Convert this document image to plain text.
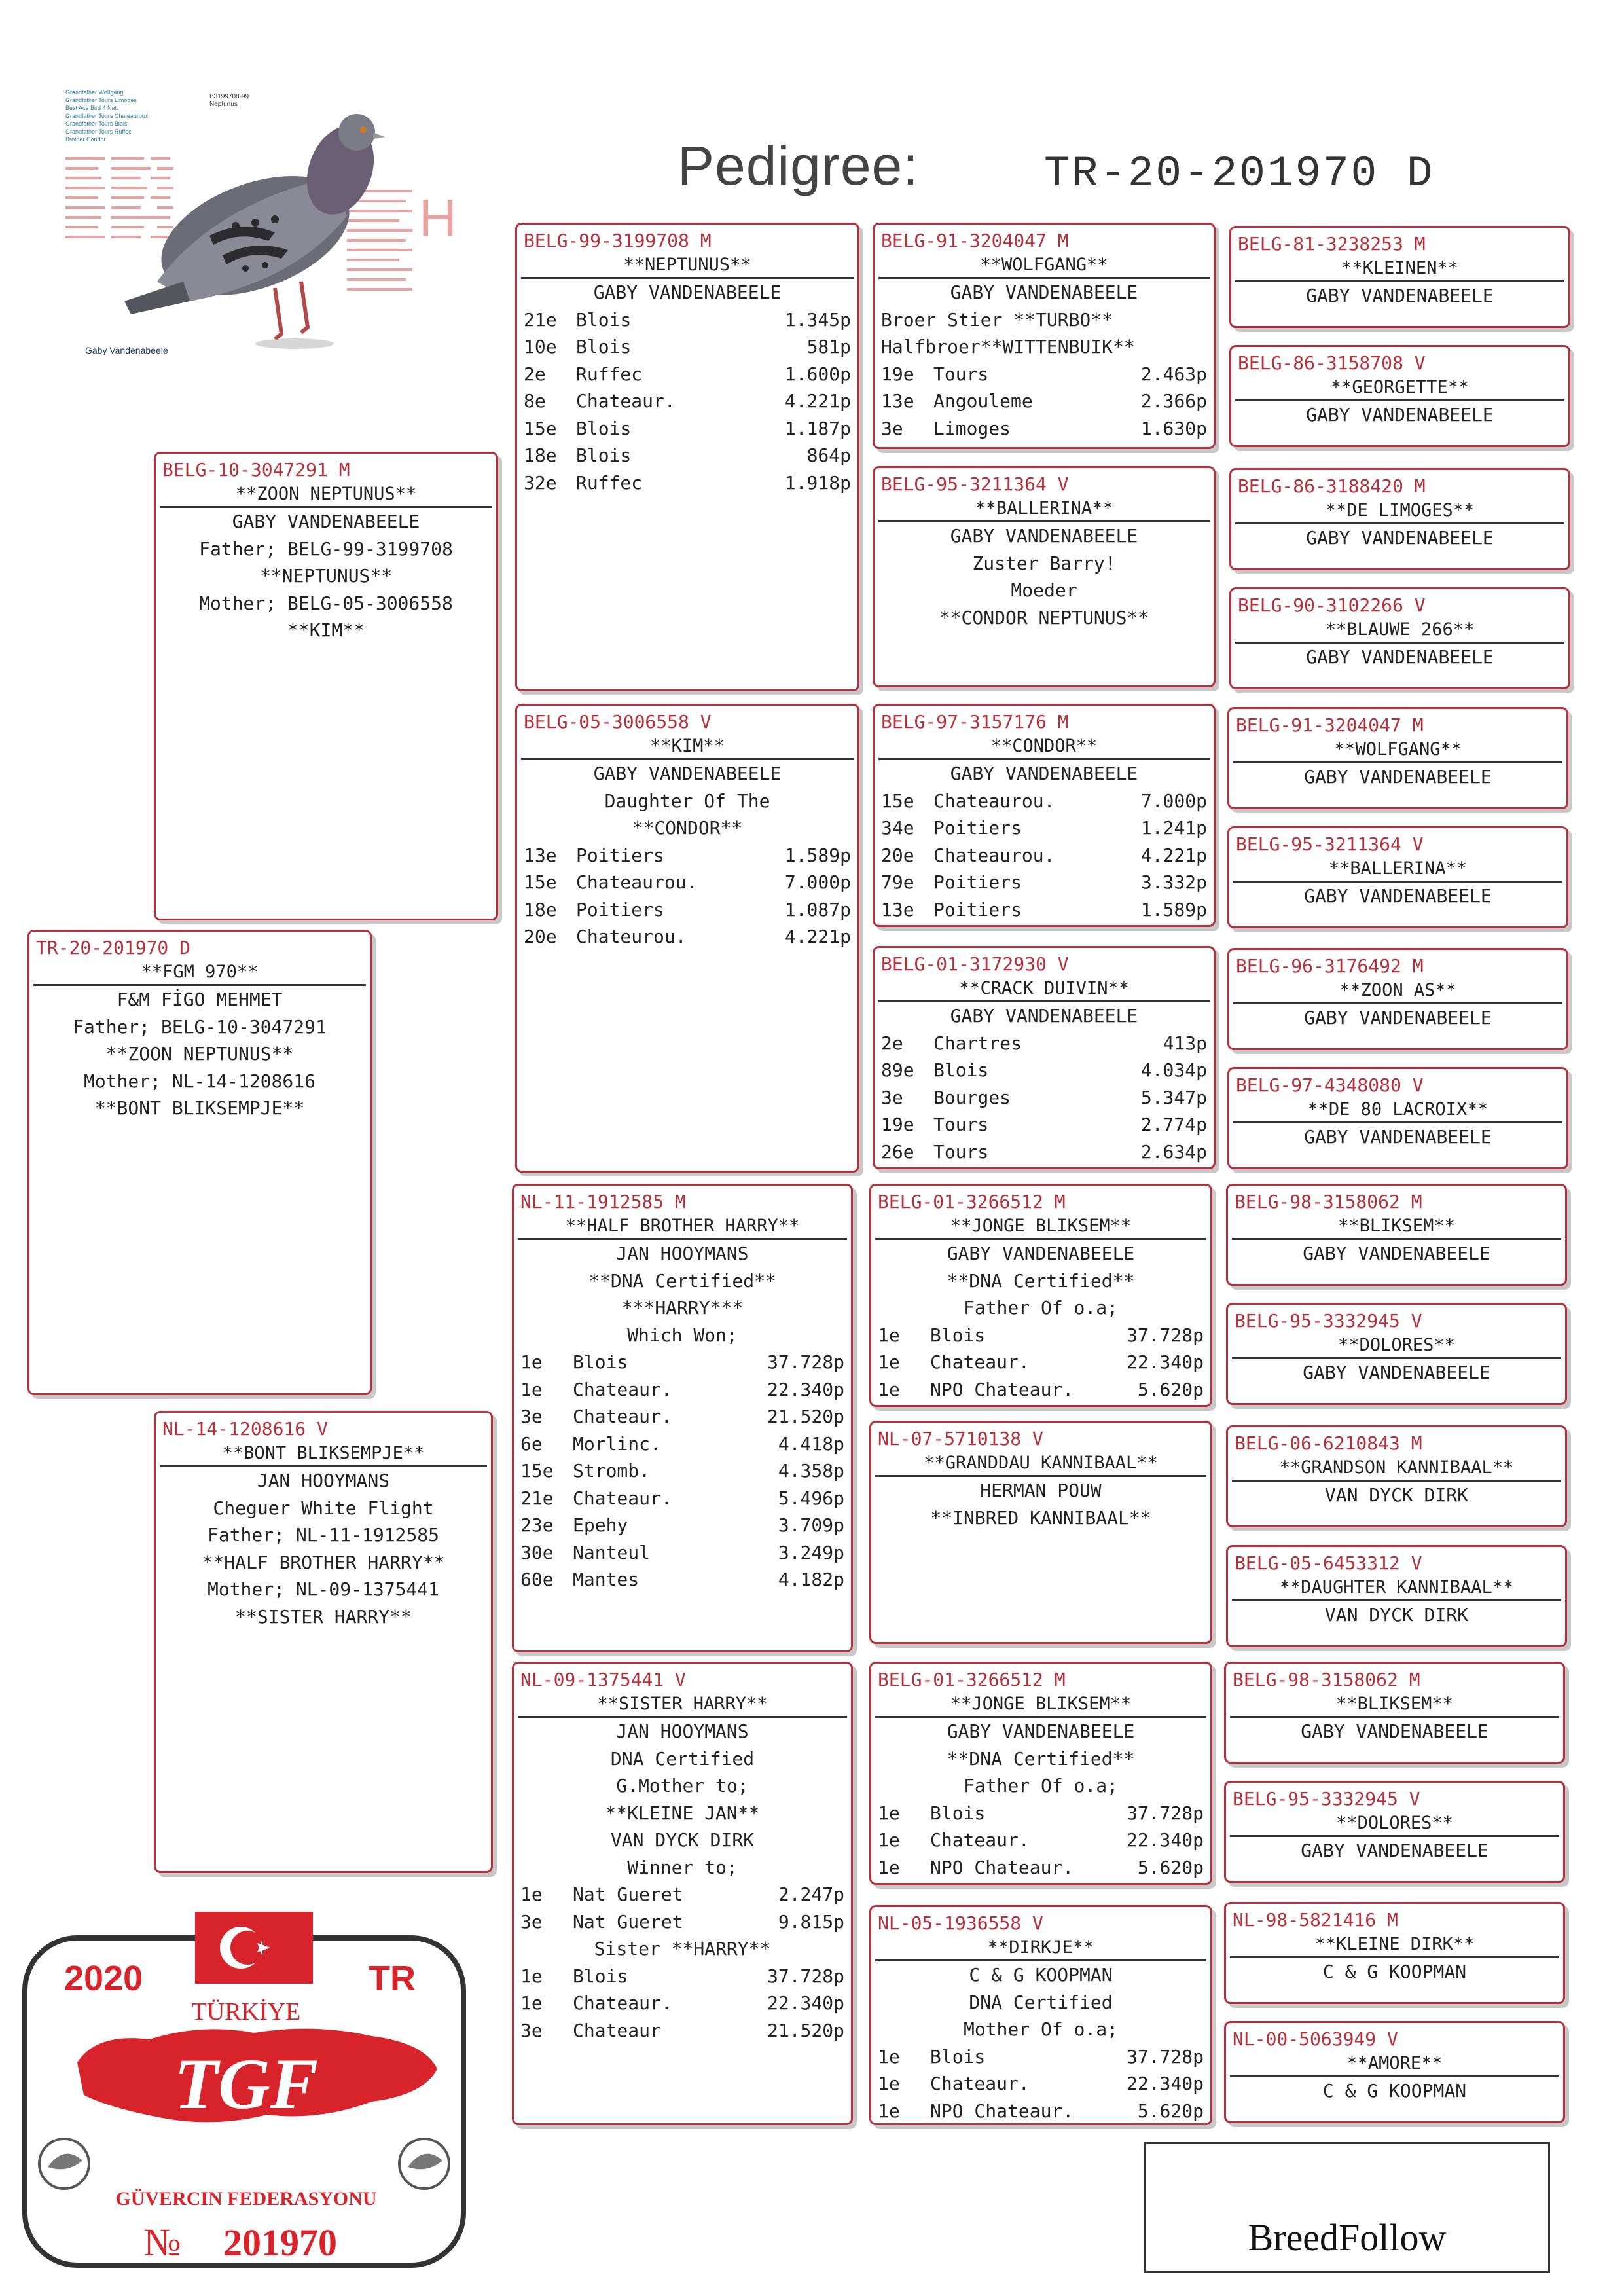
Pedigree:	TR-20-201970 D
Grandfather Wolfgang
Grandfather Tours Limoges
Best Ace Bird 4 Nat.
Grandfather Tours Chateauroux
Grandfather Tours Blois
Grandfather Tours Ruffec
Brother Condor
B3199708-99
Neptunus
H
Gaby Vandenabeele
TR-20-201970 D
**FGM 970**
F&M FİGO MEHMET
Father; BELG-10-3047291
**ZOON NEPTUNUS**
Mother; NL-14-1208616
**BONT BLIKSEMPJE**
BELG-10-3047291 M
**ZOON NEPTUNUS**
GABY VANDENABEELE
Father; BELG-99-3199708
**NEPTUNUS**
Mother; BELG-05-3006558
**KIM**
NL-14-1208616 V
**BONT BLIKSEMPJE**
JAN HOOYMANS
Cheguer White Flight
Father; NL-11-1912585
**HALF BROTHER HARRY**
Mother; NL-09-1375441
**SISTER HARRY**
BELG-99-3199708 M
**NEPTUNUS**
GABY VANDENABEELE
21e	Blois	1.345p
10e	Blois	581p
2e	Ruffec	1.600p
8e	Chateaur.	4.221p
15e	Blois	1.187p
18e	Blois	864p
32e	Ruffec	1.918p
BELG-05-3006558 V
**KIM**
GABY VANDENABEELE
Daughter Of The
**CONDOR**
13e	Poitiers	1.589p
15e	Chateaurou.	7.000p
18e	Poitiers	1.087p
20e	Chateurou.	4.221p
NL-11-1912585 M
**HALF BROTHER HARRY**
JAN HOOYMANS
**DNA Certified**
***HARRY***
Which Won;
1e	Blois	37.728p
1e	Chateaur.	22.340p
3e	Chateaur.	21.520p
6e	Morlinc.	4.418p
15e	Stromb.	4.358p
21e	Chateaur.	5.496p
23e	Epehy	3.709p
30e	Nanteul	3.249p
60e	Mantes	4.182p
NL-09-1375441 V
**SISTER HARRY**
JAN HOOYMANS
DNA Certified
G.Mother to;
**KLEINE JAN**
VAN DYCK DIRK
Winner to;
1e	Nat Gueret	2.247p
3e	Nat Gueret	9.815p
Sister **HARRY**
1e	Blois	37.728p
1e	Chateaur.	22.340p
3e	Chateaur	21.520p
BELG-91-3204047 M
**WOLFGANG**
GABY VANDENABEELE
Broer Stier **TURBO**
Halfbroer**WITTENBUIK**
19e	Tours	2.463p
13e	Angouleme	2.366p
3e	Limoges	1.630p
BELG-95-3211364 V
**BALLERINA**
GABY VANDENABEELE
Zuster Barry!
Moeder
**CONDOR NEPTUNUS**
BELG-97-3157176 M
**CONDOR**
GABY VANDENABEELE
15e	Chateaurou.	7.000p
34e	Poitiers	1.241p
20e	Chateaurou.	4.221p
79e	Poitiers	3.332p
13e	Poitiers	1.589p
BELG-01-3172930 V
**CRACK DUIVIN**
GABY VANDENABEELE
2e	Chartres	413p
89e	Blois	4.034p
3e	Bourges	5.347p
19e	Tours	2.774p
26e	Tours	2.634p
BELG-01-3266512 M
**JONGE BLIKSEM**
GABY VANDENABEELE
**DNA Certified**
Father Of o.a;
1e	Blois	37.728p
1e	Chateaur.	22.340p
1e	NPO Chateaur.	5.620p
NL-07-5710138 V
**GRANDDAU KANNIBAAL**
HERMAN POUW
**INBRED KANNIBAAL**
BELG-01-3266512 M
**JONGE BLIKSEM**
GABY VANDENABEELE
**DNA Certified**
Father Of o.a;
1e	Blois	37.728p
1e	Chateaur.	22.340p
1e	NPO Chateaur.	5.620p
NL-05-1936558 V
**DIRKJE**
C & G KOOPMAN
DNA Certified
Mother Of o.a;
1e	Blois	37.728p
1e	Chateaur.	22.340p
1e	NPO Chateaur.	5.620p
BELG-81-3238253 M
**KLEINEN**
GABY VANDENABEELE
BELG-86-3158708 V
**GEORGETTE**
GABY VANDENABEELE
BELG-86-3188420 M
**DE LIMOGES**
GABY VANDENABEELE
BELG-90-3102266 V
**BLAUWE 266**
GABY VANDENABEELE
BELG-91-3204047 M
**WOLFGANG**
GABY VANDENABEELE
BELG-95-3211364 V
**BALLERINA**
GABY VANDENABEELE
BELG-96-3176492 M
**ZOON AS**
GABY VANDENABEELE
BELG-97-4348080 V
**DE 80 LACROIX**
GABY VANDENABEELE
BELG-98-3158062 M
**BLIKSEM**
GABY VANDENABEELE
BELG-95-3332945 V
**DOLORES**
GABY VANDENABEELE
BELG-06-6210843 M
**GRANDSON KANNIBAAL**
VAN DYCK DIRK
BELG-05-6453312 V
**DAUGHTER KANNIBAAL**
VAN DYCK DIRK
BELG-98-3158062 M
**BLIKSEM**
GABY VANDENABEELE
BELG-95-3332945 V
**DOLORES**
GABY VANDENABEELE
NL-98-5821416 M
**KLEINE DIRK**
C & G KOOPMAN
NL-00-5063949 V
**AMORE**
C & G KOOPMAN
2020	TR
TÜRKİYE
TGF
GÜVERCIN FEDERASYONU
№ 201970	BreedFollow
